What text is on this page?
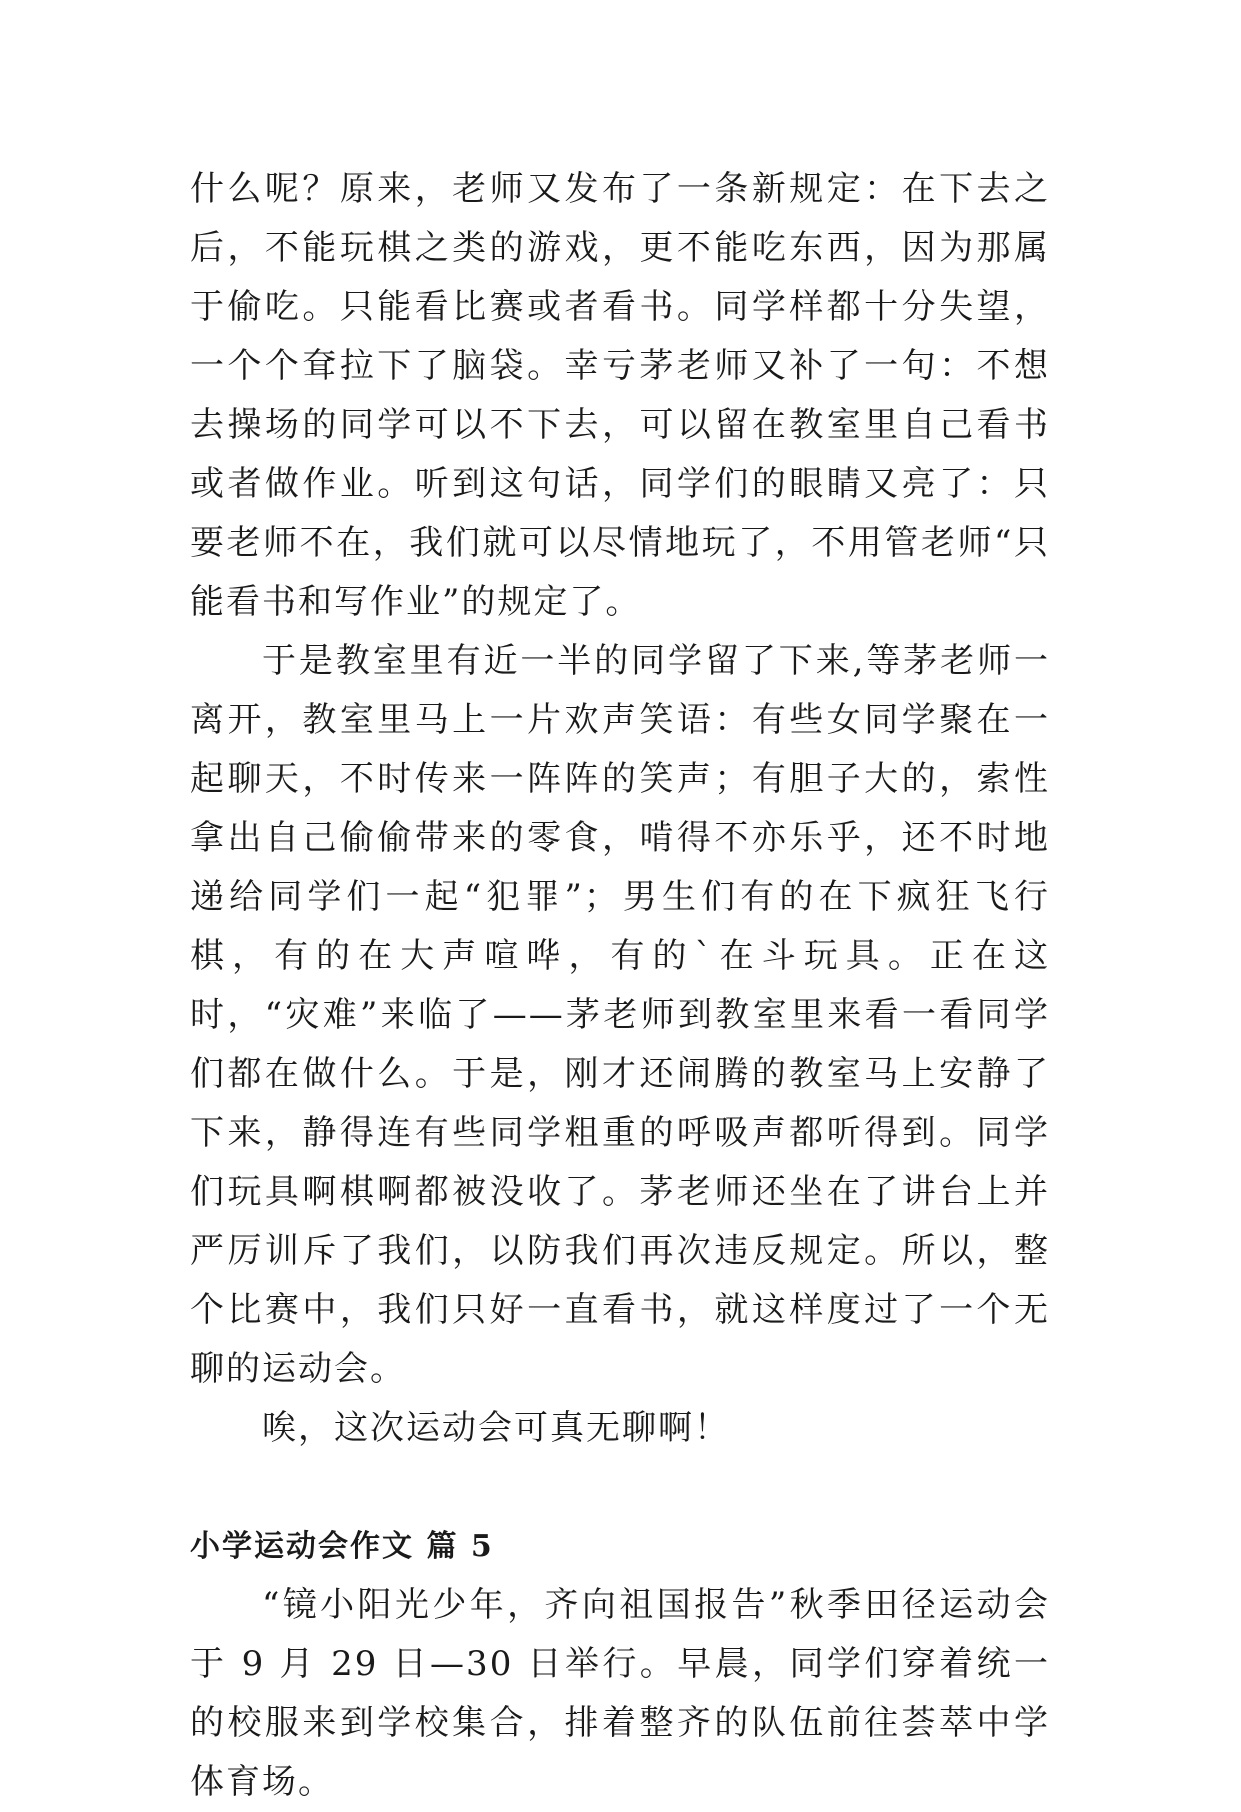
什么呢？原来，老师又发布了一条新规定：在下去之后，不能玩棋之类的游戏，更不能吃东西，因为那属于偷吃。只能看比赛或者看书。同学样都十分失望，一个个耷拉下了脑袋。幸亏茅老师又补了一句：不想去操场的同学可以不下去，可以留在教室里自己看书或者做作业。听到这句话，同学们的眼睛又亮了：只要老师不在，我们就可以尽情地玩了，不用管老师“只能看书和写作业”的规定了。

于是教室里有近一半的同学留了下来,等茅老师一离开，教室里马上一片欢声笑语：有些女同学聚在一起聊天，不时传来一阵阵的笑声；有胆子大的，索性拿出自己偷偷带来的零食，啃得不亦乐乎，还不时地递给同学们一起“犯罪”；男生们有的在下疯狂飞行棋，有的在大声喧哗，有的`在斗玩具。正在这时，“灾难”来临了——茅老师到教室里来看一看同学们都在做什么。于是，刚才还闹腾的教室马上安静了下来，静得连有些同学粗重的呼吸声都听得到。同学们玩具啊棋啊都被没收了。茅老师还坐在了讲台上并严厉训斥了我们，以防我们再次违反规定。所以，整个比赛中，我们只好一直看书，就这样度过了一个无聊的运动会。

唉，这次运动会可真无聊啊！

小学运动会作文 篇 5

“镜小阳光少年，齐向祖国报告”秋季田径运动会于 9 月 29 日—30 日举行。早晨，同学们穿着统一的校服来到学校集合，排着整齐的队伍前往荟萃中学体育场。
